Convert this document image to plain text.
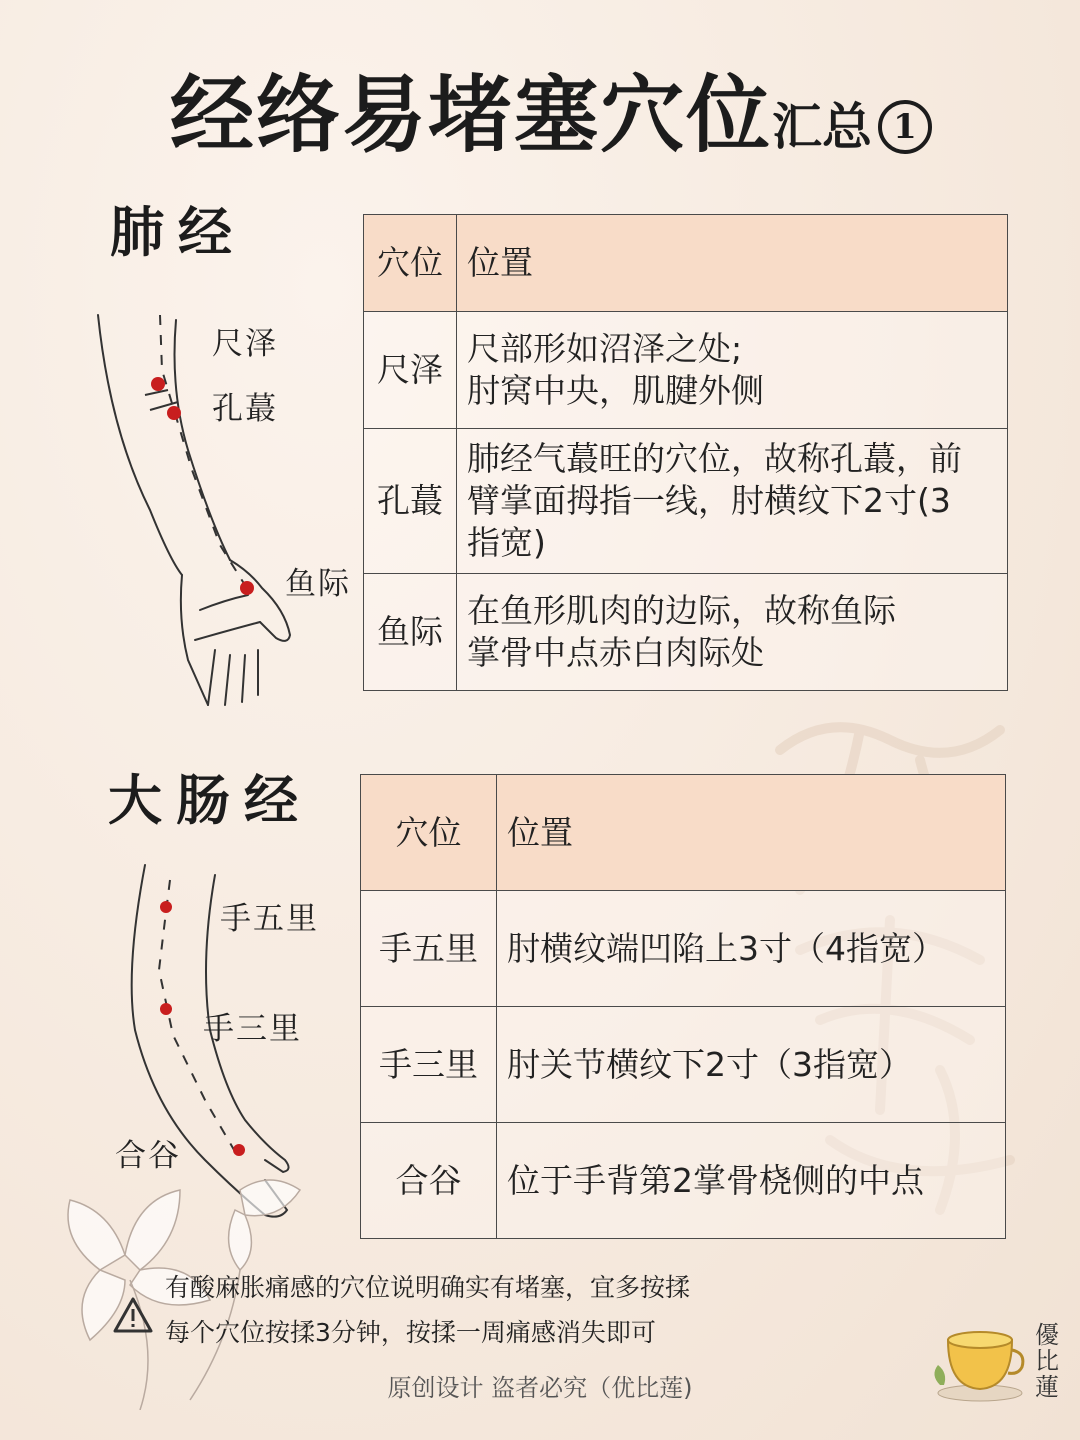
经络易堵塞穴位汇总 1
肺经
尺泽
孔蕞
鱼际
穴位	位置
尺泽	尺部形如沼泽之处;
肘窝中央，肌腱外侧

孔蕞	肺经气蕞旺的穴位，故称孔蕞，前
臂掌面拇指一线，肘横纹下2寸(3
指宽)

鱼际	在鱼形肌肉的边际，故称鱼际
掌骨中点赤白肉际处
大肠经
手五里
手三里
合谷
穴位	位置
手五里	肘横纹端凹陷上3寸（4指宽）

手三里	肘关节横纹下2寸（3指宽）

合谷	位于手背第2掌骨桡侧的中点
有酸麻胀痛感的穴位说明确实有堵塞，宜多按揉
每个穴位按揉3分钟，按揉一周痛感消失即可
原创设计 盗者必究（优比莲)
優比蓮
